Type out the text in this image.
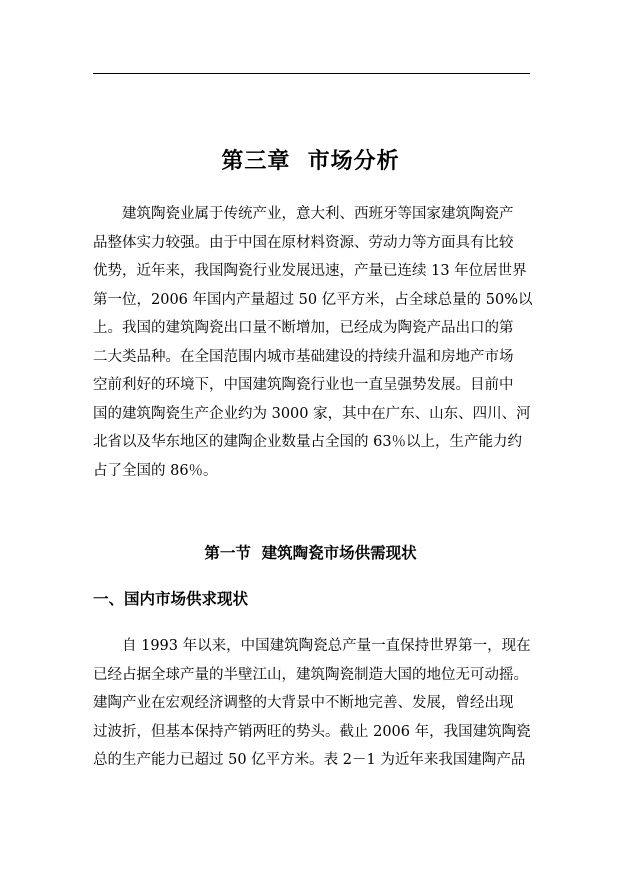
第三章  市场分析
建筑陶瓷业属于传统产业，意大利、西班牙等国家建筑陶瓷产
品整体实力较强。由于中国在原材料资源、劳动力等方面具有比较
优势，近年来，我国陶瓷行业发展迅速，产量已连续 13 年位居世界
第一位，2006 年国内产量超过 50 亿平方米，占全球总量的 50%以
上。我国的建筑陶瓷出口量不断增加，已经成为陶瓷产品出口的第
二大类品种。在全国范围内城市基础建设的持续升温和房地产市场
空前利好的环境下，中国建筑陶瓷行业也一直呈强势发展。目前中
国的建筑陶瓷生产企业约为 3000 家，其中在广东、山东、四川、河
北省以及华东地区的建陶企业数量占全国的 63％以上，生产能力约
占了全国的 86％。
第一节  建筑陶瓷市场供需现状
一、国内市场供求现状
自 1993 年以来，中国建筑陶瓷总产量一直保持世界第一，现在
已经占据全球产量的半壁江山，建筑陶瓷制造大国的地位无可动摇。
建陶产业在宏观经济调整的大背景中不断地完善、发展，曾经出现
过波折，但基本保持产销两旺的势头。截止 2006 年，我国建筑陶瓷
总的生产能力已超过 50 亿平方米。表 2－1 为近年来我国建陶产品
